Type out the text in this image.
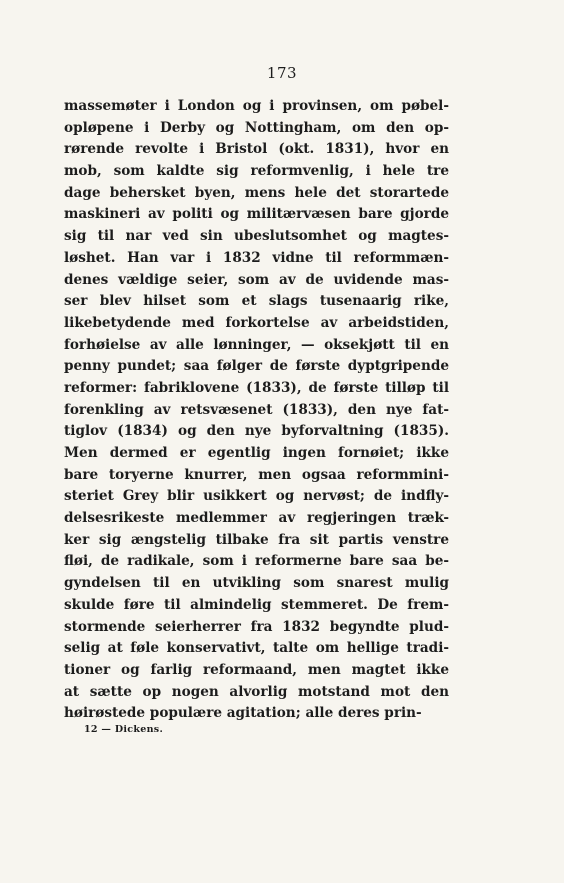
173
massemøter i London og i provinsen, om pøbel-
opløpene i Derby og Nottingham, om den op-
rørende revolte i Bristol (okt. 1831), hvor en
mob, som kaldte sig reformvenlig, i hele tre
dage behersket byen, mens hele det storartede
maskineri av politi og militærvæsen bare gjorde
sig til nar ved sin ubeslutsomhet og magtes-
løshet. Han var i 1832 vidne til reformmæn-
denes vældige seier, som av de uvidende mas-
ser blev hilset som et slags tusenaarig rike,
likebetydende med forkortelse av arbeidstiden,
forhøielse av alle lønninger, — oksekjøtt til en
penny pundet; saa følger de første dyptgripende
reformer: fabriklovene (1833), de første tilløp til
forenkling av retsvæsenet (1833), den nye fat-
tiglov (1834) og den nye byforvaltning (1835).
Men dermed er egentlig ingen fornøiet; ikke
bare toryerne knurrer, men ogsaa reformmini-
steriet Grey blir usikkert og nervøst; de indfly-
delsesrikeste medlemmer av regjeringen træk-
ker sig ængstelig tilbake fra sit partis venstre
fløi, de radikale, som i reformerne bare saa be-
gyndelsen til en utvikling som snarest mulig
skulde føre til almindelig stemmeret. De frem-
stormende seierherrer fra 1832 begyndte plud-
selig at føle konservativt, talte om hellige tradi-
tioner og farlig reformaand, men magtet ikke
at sætte op nogen alvorlig motstand mot den
høirøstede populære agitation; alle deres prin-
12 — Dickens.
